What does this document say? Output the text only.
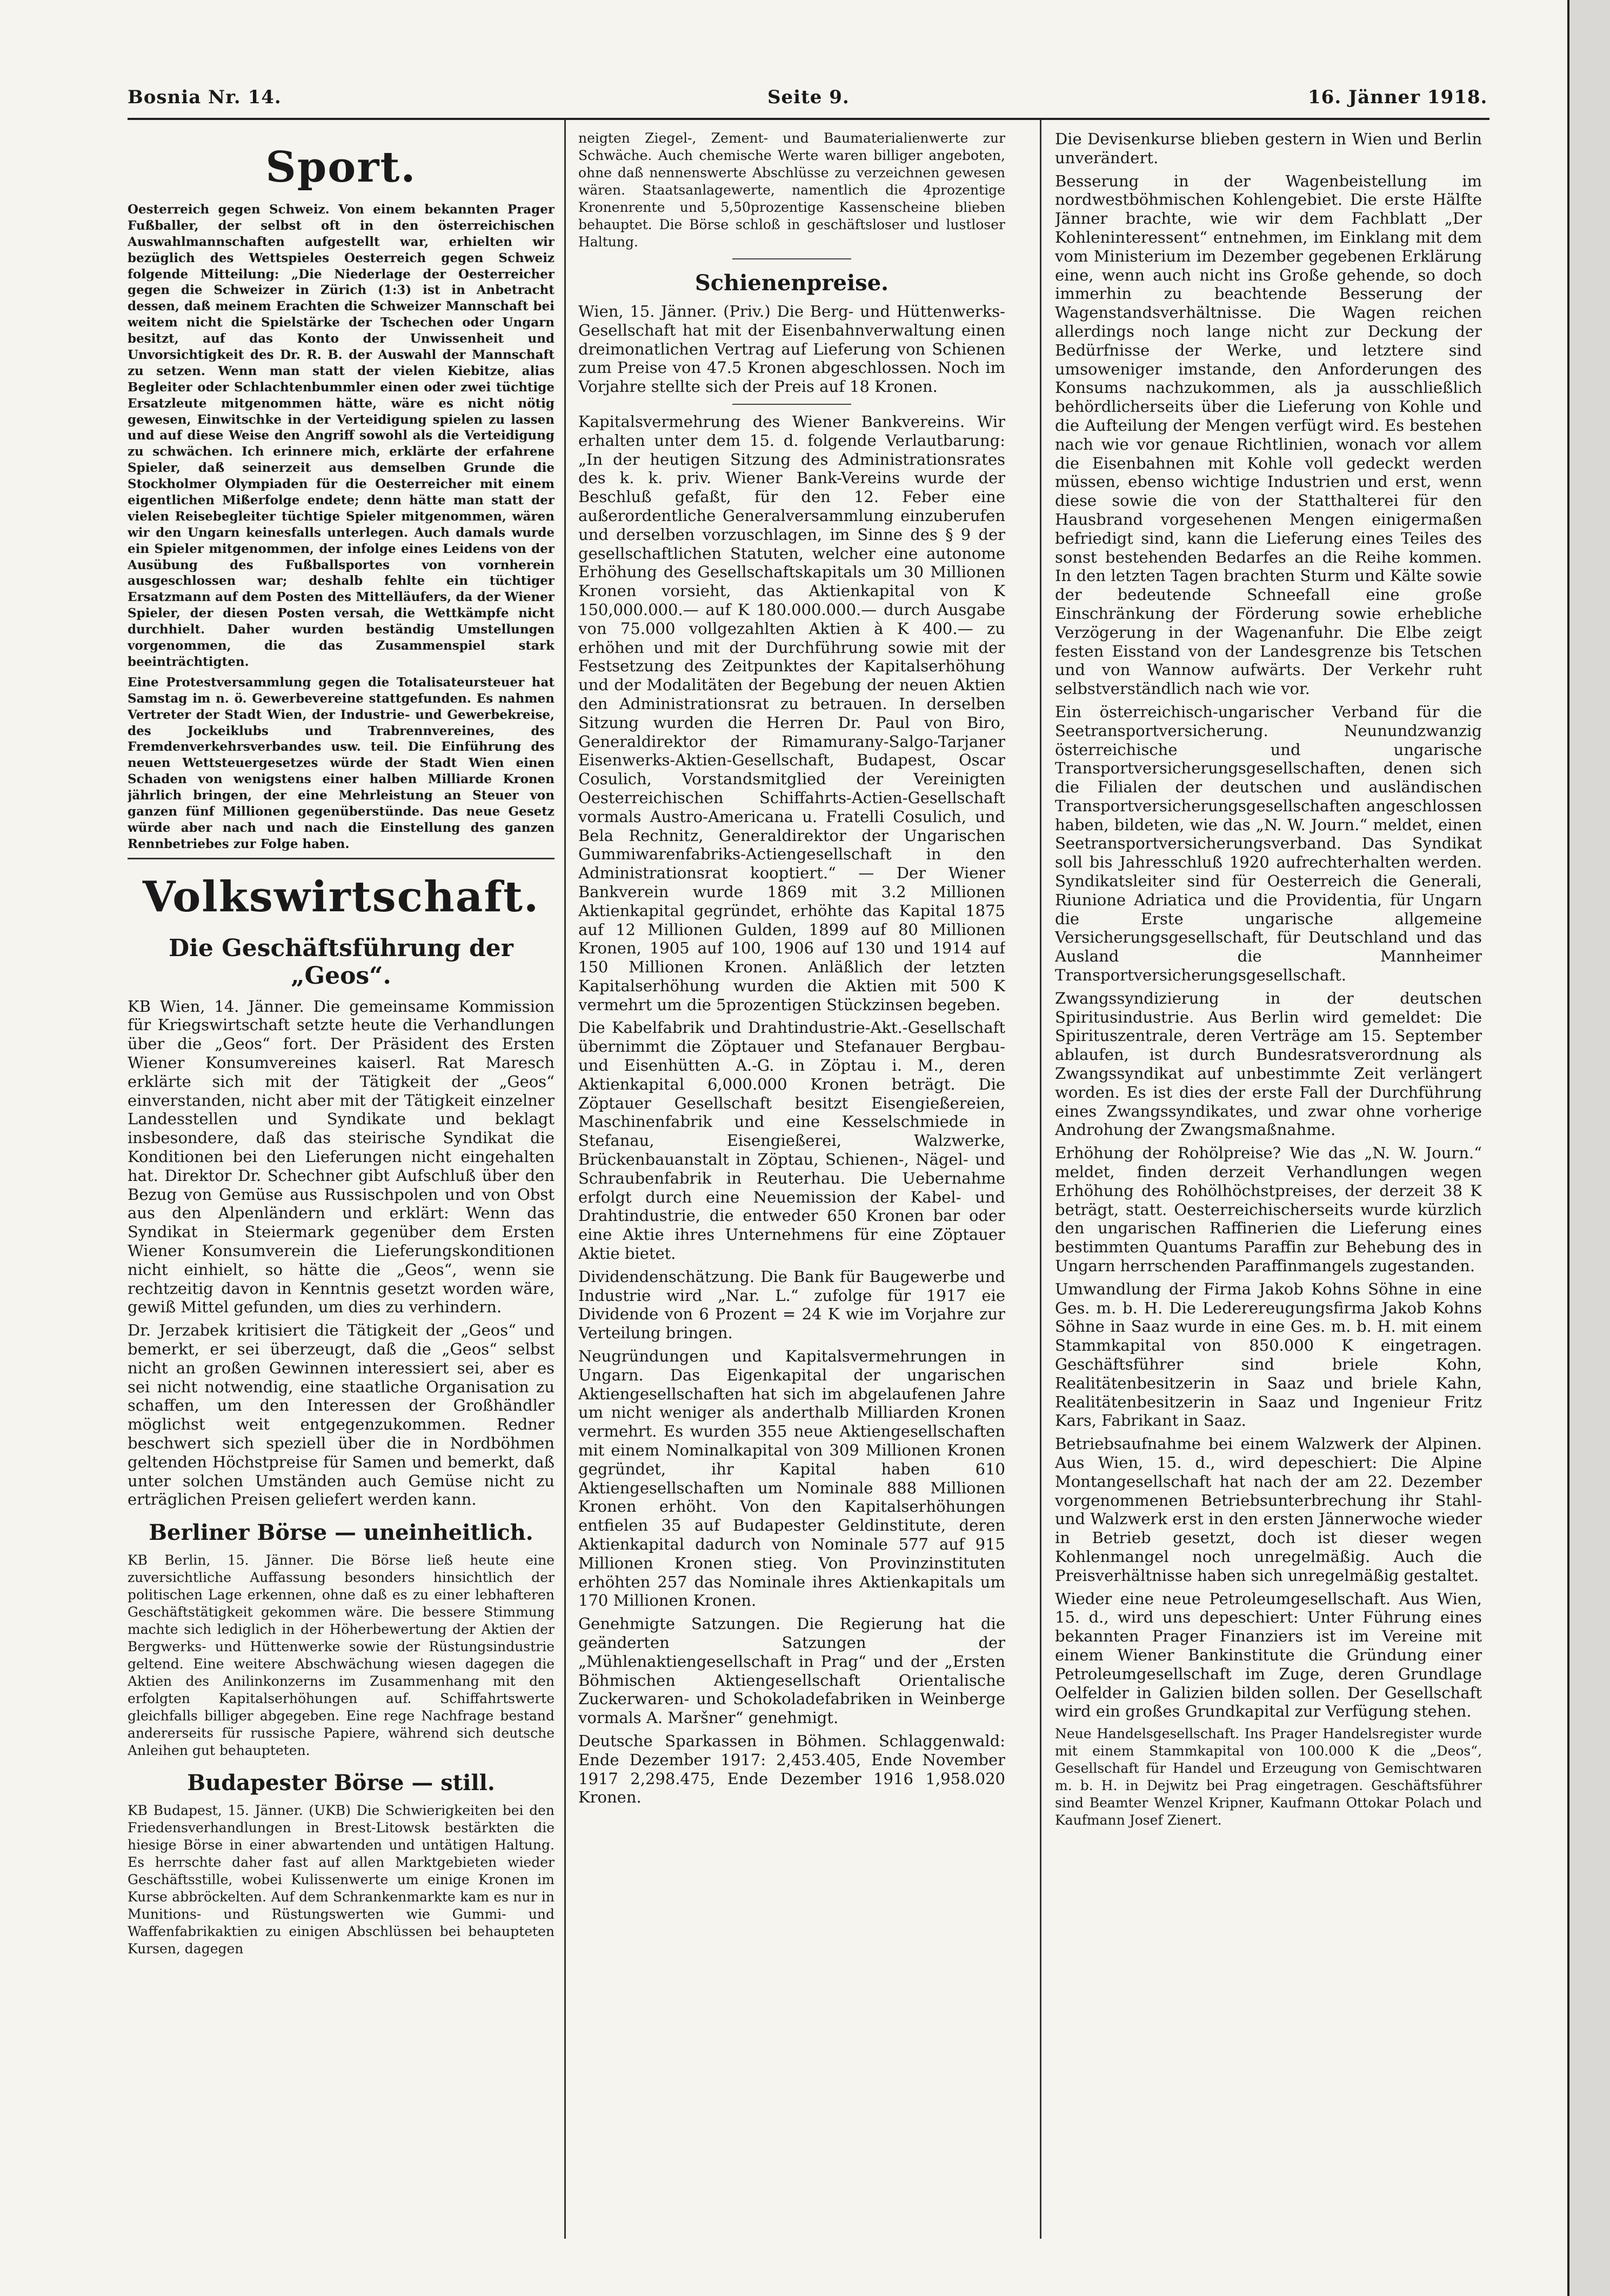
Bosnia Nr. 14.	Seite 9.	16. Jänner 1918.
Sport.

Oesterreich gegen Schweiz. Von einem bekannten Prager Fußballer, der selbst oft in den österreichischen Auswahlmannschaften aufgestellt war, erhielten wir bezüglich des Wettspieles Oesterreich gegen Schweiz folgende Mitteilung: „Die Niederlage der Oesterreicher gegen die Schweizer in Zürich (1:3) ist in Anbetracht dessen, daß meinem Erachten die Schweizer Mannschaft bei weitem nicht die Spielstärke der Tschechen oder Ungarn besitzt, auf das Konto der Unwissenheit und Unvorsichtigkeit des Dr. R. B. der Auswahl der Mannschaft zu setzen. Wenn man statt der vielen Kiebitze, alias Begleiter oder Schlachtenbummler einen oder zwei tüchtige Ersatzleute mitgenommen hätte, wäre es nicht nötig gewesen, Einwitschke in der Verteidigung spielen zu lassen und auf diese Weise den Angriff sowohl als die Verteidigung zu schwächen. Ich erinnere mich, erklärte der erfahrene Spieler, daß seinerzeit aus demselben Grunde die Stockholmer Olympiaden für die Oesterreicher mit einem eigentlichen Mißerfolge endete; denn hätte man statt der vielen Reisebegleiter tüchtige Spieler mitgenommen, wären wir den Ungarn keinesfalls unterlegen. Auch damals wurde ein Spieler mitgenommen, der infolge eines Leidens von der Ausübung des Fußballsportes von vornherein ausgeschlossen war; deshalb fehlte ein tüchtiger Ersatzmann auf dem Posten des Mittelläufers, da der Wiener Spieler, der diesen Posten versah, die Wettkämpfe nicht durchhielt. Daher wurden beständig Umstellungen vorgenommen, die das Zusammenspiel stark beeinträchtigten.

Eine Protestversammlung gegen die Totalisateursteuer hat Samstag im n. ö. Gewerbevereine stattgefunden. Es nahmen Vertreter der Stadt Wien, der Industrie- und Gewerbekreise, des Jockeiklubs und Trabrennvereines, des Fremdenverkehrsverbandes usw. teil. Die Einführung des neuen Wettsteuergesetzes würde der Stadt Wien einen Schaden von wenigstens einer halben Milliarde Kronen jährlich bringen, der eine Mehrleistung an Steuer von ganzen fünf Millionen gegenüberstünde. Das neue Gesetz würde aber nach und nach die Einstellung des ganzen Rennbetriebes zur Folge haben.

Volkswirtschaft.
Die Geschäftsführung der „Geos“.

KB Wien, 14. Jänner. Die gemeinsame Kommission für Kriegswirtschaft setzte heute die Verhandlungen über die „Geos“ fort. Der Präsident des Ersten Wiener Konsumvereines kaiserl. Rat Maresch erklärte sich mit der Tätigkeit der „Geos“ einverstanden, nicht aber mit der Tätigkeit einzelner Landesstellen und Syndikate und beklagt insbesondere, daß das steirische Syndikat die Konditionen bei den Lieferungen nicht eingehalten hat. Direktor Dr. Schechner gibt Aufschluß über den Bezug von Gemüse aus Russischpolen und von Obst aus den Alpenländern und erklärt: Wenn das Syndikat in Steiermark gegenüber dem Ersten Wiener Konsumverein die Lieferungskonditionen nicht einhielt, so hätte die „Geos“, wenn sie rechtzeitig davon in Kenntnis gesetzt worden wäre, gewiß Mittel gefunden, um dies zu verhindern.

Dr. Jerzabek kritisiert die Tätigkeit der „Geos“ und bemerkt, er sei überzeugt, daß die „Geos“ selbst nicht an großen Gewinnen interessiert sei, aber es sei nicht notwendig, eine staatliche Organisation zu schaffen, um den Interessen der Großhändler möglichst weit entgegenzukommen. Redner beschwert sich speziell über die in Nordböhmen geltenden Höchstpreise für Samen und bemerkt, daß unter solchen Umständen auch Gemüse nicht zu erträglichen Preisen geliefert werden kann.

Berliner Börse — uneinheitlich.

KB Berlin, 15. Jänner. Die Börse ließ heute eine zuversichtliche Auffassung besonders hinsichtlich der politischen Lage erkennen, ohne daß es zu einer lebhafteren Geschäftstätigkeit gekommen wäre. Die bessere Stimmung machte sich lediglich in der Höherbewertung der Aktien der Bergwerks- und Hüttenwerke sowie der Rüstungsindustrie geltend. Eine weitere Abschwächung wiesen dagegen die Aktien des Anilinkonzerns im Zusammenhang mit den erfolgten Kapitalserhöhungen auf. Schiffahrtswerte gleichfalls billiger abgegeben. Eine rege Nachfrage bestand andererseits für russische Papiere, während sich deutsche Anleihen gut behaupteten.

Budapester Börse — still.

KB Budapest, 15. Jänner. (UKB) Die Schwierigkeiten bei den Friedensverhandlungen in Brest-Litowsk bestärkten die hiesige Börse in einer abwartenden und untätigen Haltung. Es herrschte daher fast auf allen Marktgebieten wieder Geschäftsstille, wobei Kulissenwerte um einige Kronen im Kurse abbröckelten. Auf dem Schrankenmarkte kam es nur in Munitions- und Rüstungswerten wie Gummi- und Waffenfabrikaktien zu einigen Abschlüssen bei behaupteten Kursen, dagegen

neigten Ziegel-, Zement- und Baumaterialienwerte zur Schwäche. Auch chemische Werte waren billiger angeboten, ohne daß nennenswerte Abschlüsse zu verzeichnen gewesen wären. Staatsanlagewerte, namentlich die 4prozentige Kronenrente und 5,50prozentige Kassenscheine blieben behauptet. Die Börse schloß in geschäftsloser und lustloser Haltung.

Schienenpreise.

Wien, 15. Jänner. (Priv.) Die Berg- und Hüttenwerks-Gesellschaft hat mit der Eisenbahnverwaltung einen dreimonatlichen Vertrag auf Lieferung von Schienen zum Preise von 47.5 Kronen abgeschlossen. Noch im Vorjahre stellte sich der Preis auf 18 Kronen.

Kapitalsvermehrung des Wiener Bankvereins. Wir erhalten unter dem 15. d. folgende Verlautbarung: „In der heutigen Sitzung des Administrationsrates des k. k. priv. Wiener Bank-Vereins wurde der Beschluß gefaßt, für den 12. Feber eine außerordentliche Generalversammlung einzuberufen und derselben vorzuschlagen, im Sinne des § 9 der gesellschaftlichen Statuten, welcher eine autonome Erhöhung des Gesellschaftskapitals um 30 Millionen Kronen vorsieht, das Aktienkapital von K 150,000.000.— auf K 180.000.000.— durch Ausgabe von 75.000 vollgezahlten Aktien à K 400.— zu erhöhen und mit der Durchführung sowie mit der Festsetzung des Zeitpunktes der Kapitalserhöhung und der Modalitäten der Begebung der neuen Aktien den Administrationsrat zu betrauen. In derselben Sitzung wurden die Herren Dr. Paul von Biro, Generaldirektor der Rimamurany-Salgo-Tarjaner Eisenwerks-Aktien-Gesellschaft, Budapest, Oscar Cosulich, Vorstandsmitglied der Vereinigten Oesterreichischen Schiffahrts-Actien-Gesellschaft vormals Austro-Americana u. Fratelli Cosulich, und Bela Rechnitz, Generaldirektor der Ungarischen Gummiwarenfabriks-Actiengesellschaft in den Administrationsrat kooptiert.“ — Der Wiener Bankverein wurde 1869 mit 3.2 Millionen Aktienkapital gegründet, erhöhte das Kapital 1875 auf 12 Millionen Gulden, 1899 auf 80 Millionen Kronen, 1905 auf 100, 1906 auf 130 und 1914 auf 150 Millionen Kronen. Anläßlich der letzten Kapitalserhöhung wurden die Aktien mit 500 K vermehrt um die 5prozentigen Stückzinsen begeben.

Die Kabelfabrik und Drahtindustrie-Akt.-Gesellschaft übernimmt die Zöptauer und Stefanauer Bergbau- und Eisenhütten A.-G. in Zöptau i. M., deren Aktienkapital 6,000.000 Kronen beträgt. Die Zöptauer Gesellschaft besitzt Eisengießereien, Maschinenfabrik und eine Kesselschmiede in Stefanau, Eisengießerei, Walzwerke, Brückenbauanstalt in Zöptau, Schienen-, Nägel- und Schraubenfabrik in Reuterhau. Die Uebernahme erfolgt durch eine Neuemission der Kabel- und Drahtindustrie, die entweder 650 Kronen bar oder eine Aktie ihres Unternehmens für eine Zöptauer Aktie bietet.

Dividendenschätzung. Die Bank für Baugewerbe und Industrie wird „Nar. L.“ zufolge für 1917 eie Dividende von 6 Prozent = 24 K wie im Vorjahre zur Verteilung bringen.

Neugründungen und Kapitalsvermehrungen in Ungarn. Das Eigenkapital der ungarischen Aktiengesellschaften hat sich im abgelaufenen Jahre um nicht weniger als anderthalb Milliarden Kronen vermehrt. Es wurden 355 neue Aktiengesellschaften mit einem Nominalkapital von 309 Millionen Kronen gegründet, ihr Kapital haben 610 Aktiengesellschaften um Nominale 888 Millionen Kronen erhöht. Von den Kapitalserhöhungen entfielen 35 auf Budapester Geldinstitute, deren Aktienkapital dadurch von Nominale 577 auf 915 Millionen Kronen stieg. Von Provinzinstituten erhöhten 257 das Nominale ihres Aktienkapitals um 170 Millionen Kronen.

Genehmigte Satzungen. Die Regierung hat die geänderten Satzungen der „Mühlenaktiengesellschaft in Prag“ und der „Ersten Böhmischen Aktiengesellschaft Orientalische Zuckerwaren- und Schokoladefabriken in Weinberge vormals A. Maršner“ genehmigt.

Deutsche Sparkassen in Böhmen. Schlaggenwald: Ende Dezember 1917: 2,453.405, Ende November 1917 2,298.475, Ende Dezember 1916 1,958.020 Kronen.

Die Devisenkurse blieben gestern in Wien und Berlin unverändert.

Besserung in der Wagenbeistellung im nordwestböhmischen Kohlengebiet. Die erste Hälfte Jänner brachte, wie wir dem Fachblatt „Der Kohleninteressent“ entnehmen, im Einklang mit dem vom Ministerium im Dezember gegebenen Erklärung eine, wenn auch nicht ins Große gehende, so doch immerhin zu beachtende Besserung der Wagenstandsverhältnisse. Die Wagen reichen allerdings noch lange nicht zur Deckung der Bedürfnisse der Werke, und letztere sind umsoweniger imstande, den Anforderungen des Konsums nachzukommen, als ja ausschließlich behördlicherseits über die Lieferung von Kohle und die Aufteilung der Mengen verfügt wird. Es bestehen nach wie vor genaue Richtlinien, wonach vor allem die Eisenbahnen mit Kohle voll gedeckt werden müssen, ebenso wichtige Industrien und erst, wenn diese sowie die von der Statthalterei für den Hausbrand vorgesehenen Mengen einigermaßen befriedigt sind, kann die Lieferung eines Teiles des sonst bestehenden Bedarfes an die Reihe kommen. In den letzten Tagen brachten Sturm und Kälte sowie der bedeutende Schneefall eine große Einschränkung der Förderung sowie erhebliche Verzögerung in der Wagenanfuhr. Die Elbe zeigt festen Eisstand von der Landesgrenze bis Tetschen und von Wannow aufwärts. Der Verkehr ruht selbstverständlich nach wie vor.

Ein österreichisch-ungarischer Verband für die Seetransportversicherung. Neunundzwanzig österreichische und ungarische Transportversicherungsgesellschaften, denen sich die Filialen der deutschen und ausländischen Transportversicherungsgesellschaften angeschlossen haben, bildeten, wie das „N. W. Journ.“ meldet, einen Seetransportversicherungsverband. Das Syndikat soll bis Jahresschluß 1920 aufrechterhalten werden. Syndikatsleiter sind für Oesterreich die Generali, Riunione Adriatica und die Providentia, für Ungarn die Erste ungarische allgemeine Versicherungsgesellschaft, für Deutschland und das Ausland die Mannheimer Transportversicherungsgesellschaft.

Zwangssyndizierung in der deutschen Spiritusindustrie. Aus Berlin wird gemeldet: Die Spirituszentrale, deren Verträge am 15. September ablaufen, ist durch Bundesratsverordnung als Zwangssyndikat auf unbestimmte Zeit verlängert worden. Es ist dies der erste Fall der Durchführung eines Zwangssyndikates, und zwar ohne vorherige Androhung der Zwangsmaßnahme.

Erhöhung der Rohölpreise? Wie das „N. W. Journ.“ meldet, finden derzeit Verhandlungen wegen Erhöhung des Rohölhöchstpreises, der derzeit 38 K beträgt, statt. Oesterreichischerseits wurde kürzlich den ungarischen Raffinerien die Lieferung eines bestimmten Quantums Paraffin zur Behebung des in Ungarn herrschenden Paraffinmangels zugestanden.

Umwandlung der Firma Jakob Kohns Söhne in eine Ges. m. b. H. Die Lederereugungsfirma Jakob Kohns Söhne in Saaz wurde in eine Ges. m. b. H. mit einem Stammkapital von 850.000 K eingetragen. Geschäftsführer sind briele Kohn, Realitätenbesitzerin in Saaz und briele Kahn, Realitätenbesitzerin in Saaz und Ingenieur Fritz Kars, Fabrikant in Saaz.

Betriebsaufnahme bei einem Walzwerk der Alpinen. Aus Wien, 15. d., wird depeschiert: Die Alpine Montangesellschaft hat nach der am 22. Dezember vorgenommenen Betriebsunterbrechung ihr Stahl- und Walzwerk erst in den ersten Jännerwoche wieder in Betrieb gesetzt, doch ist dieser wegen Kohlenmangel noch unregelmäßig. Auch die Preisverhältnisse haben sich unregelmäßig gestaltet.

Wieder eine neue Petroleumgesellschaft. Aus Wien, 15. d., wird uns depeschiert: Unter Führung eines bekannten Prager Finanziers ist im Vereine mit einem Wiener Bankinstitute die Gründung einer Petroleumgesellschaft im Zuge, deren Grundlage Oelfelder in Galizien bilden sollen. Der Gesellschaft wird ein großes Grundkapital zur Verfügung stehen.

Neue Handelsgesellschaft. Ins Prager Handelsregister wurde mit einem Stammkapital von 100.000 K die „Deos“, Gesellschaft für Handel und Erzeugung von Gemischtwaren m. b. H. in Dejwitz bei Prag eingetragen. Geschäftsführer sind Beamter Wenzel Kripner, Kaufmann Ottokar Polach und Kaufmann Josef Zienert.
